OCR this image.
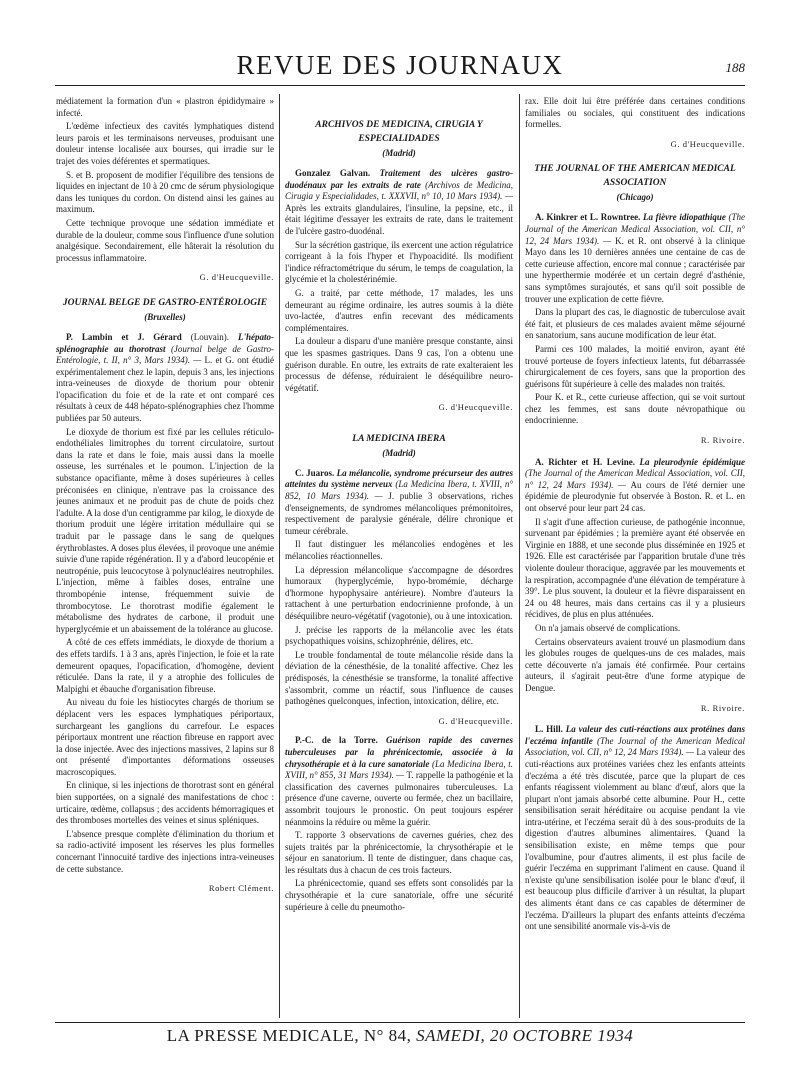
REVUE DES JOURNAUX	188

médiatement la formation d'un « plastron épididymaire » infecté.

L'œdème infectieux des cavités lymphatiques distend leurs parois et les terminaisons nerveuses, produisant une douleur intense localisée aux bourses, qui irradie sur le trajet des voies déférentes et spermatiques.

S. et B. proposent de modifier l'équilibre des tensions de liquides en injectant de 10 à 20 cmc de sérum physiologique dans les tuniques du cordon. On distend ainsi les gaines au maximum.

Cette technique provoque une sédation immédiate et durable de la douleur, comme sous l'influence d'une solution analgésique. Secondairement, elle hâterait la résolution du processus inflammatoire.

G. d'Heucqueville.
JOURNAL BELGE DE GASTRO-ENTÉROLOGIE
(Bruxelles)

P. Lambin et J. Gérard (Louvain). L'hépato-splénographie au thorotrast (Journal belge de Gastro-Entérologie, t. II, n° 3, Mars 1934). — L. et G. ont étudié expérimentalement chez le lapin, depuis 3 ans, les injections intra-veineuses de dioxyde de thorium pour obtenir l'opacification du foie et de la rate et ont comparé ces résultats à ceux de 448 hépato-splénographies chez l'homme publiées par 50 auteurs.

Le dioxyde de thorium est fixé par les cellules réticulo-endothéliales limitrophes du torrent circulatoire, surtout dans la rate et dans le foie, mais aussi dans la moelle osseuse, les surrénales et le poumon. L'injection de la substance opacifiante, même à doses supérieures à celles préconisées en clinique, n'entrave pas la croissance des jeunes animaux et ne produit pas de chute de poids chez l'adulte. A la dose d'un centigramme par kilog, le dioxyde de thorium produit une légère irritation médullaire qui se traduit par le passage dans le sang de quelques érythroblastes. A doses plus élevées, il provoque une anémie suivie d'une rapide régénération. Il y a d'abord leucopénie et neutropénie, puis leucocytose à polynucléaires neutrophiles. L'injection, même à faibles doses, entraîne une thrombopénie intense, fréquemment suivie de thrombocytose. Le thorotrast modifie également le métabolisme des hydrates de carbone, il produit une hyperglycémie et un abaissement de la tolérance au glucose.

A côté de ces effets immédiats, le dioxyde de thorium a des effets tardifs. 1 à 3 ans, après l'injection, le foie et la rate demeurent opaques, l'opacification, d'homogène, devient réticulée. Dans la rate, il y a atrophie des follicules de Malpighi et ébauche d'organisation fibreuse.

Au niveau du foie les histiocytes chargés de thorium se déplacent vers les espaces lymphatiques périportaux, surchargeant les ganglions du carrefour. Le espaces périportaux montrent une réaction fibreuse en rapport avec la dose injectée. Avec des injections massives, 2 lapins sur 8 ont présenté d'importantes déformations osseuses macroscopiques.

En clinique, si les injections de thorotrast sont en général bien supportées, on a signalé des manifestations de choc : urticaire, œdème, collapsus ; des accidents hémorragiques et des thromboses mortelles des veines et sinus spléniques.

L'absence presque complète d'élimination du thorium et sa radio-activité imposent les réserves les plus formelles concernant l'innocuité tardive des injections intra-veineuses de cette substance.

Robert Clément.
ARCHIVOS DE MEDICINA, CIRUGIA Y ESPECIALIDADES
(Madrid)

Gonzalez Galvan. Traitement des ulcères gastro-duodénaux par les extraits de rate (Archivos de Medicina, Cirugia y Especialidades, t. XXXVII, n° 10, 10 Mars 1934). — Après les extraits glandulaires, l'insuline, la pepsine, etc., il était légitime d'essayer les extraits de rate, dans le traitement de l'ulcère gastro-duodénal.

Sur la sécrétion gastrique, ils exercent une action régulatrice corrigeant à la fois l'hyper et l'hypoacidité. Ils modifient l'indice réfractométrique du sérum, le temps de coagulation, la glycémie et la cholestérinémie.

G. a traité, par cette méthode, 17 malades, les uns demeurant au régime ordinaire, les autres soumis à la diète uvo-lactée, d'autres enfin recevant des médicaments complémentaires.

La douleur a disparu d'une manière presque constante, ainsi que les spasmes gastriques. Dans 9 cas, l'on a obtenu une guérison durable. En outre, les extraits de rate exalteraient les processus de défense, réduiraient le déséquilibre neuro-végétatif.

G. d'Heucqueville.
LA MEDICINA IBERA
(Madrid)

C. Juaros. La mélancolie, syndrome précurseur des autres atteintes du système nerveux (La Medicina Ibera, t. XVIII, n° 852, 10 Mars 1934). — J. publie 3 observations, riches d'enseignements, de syndromes mélancoliques prémonitoires, respectivement de paralysie générale, délire chronique et tumeur cérébrale.

Il faut distinguer les mélancolies endogènes et les mélancolies réactionnelles.

La dépression mélancolique s'accompagne de désordres humoraux (hyperglycémie, hypo-bromémie, décharge d'hormone hypophysaire antérieure). Nombre d'auteurs la rattachent à une perturbation endocrinienne profonde, à un déséquilibre neuro-végétatif (vagotonie), ou à une intoxication.

J. précise les rapports de la mélancolie avec les états psychopathiques voisins, schizophrénie, délires, etc.

Le trouble fondamental de toute mélancolie réside dans la déviation de la cénesthésie, de la tonalité affective. Chez les prédisposés, la cénesthésie se transforme, la tonalité affective s'assombrit, comme un réactif, sous l'influence de causes pathogènes quelconques, infection, intoxication, délire, etc.

G. d'Heucqueville.

P.-C. de la Torre. Guérison rapide des cavernes tuberculeuses par la phrénicectomie, associée à la chrysothérapie et à la cure sanatoriale (La Medicina Ibera, t. XVIII, n° 855, 31 Mars 1934). — T. rappelle la pathogénie et la classification des cavernes pulmonaires tuberculeuses. La présence d'une caverne, ouverte ou fermée, chez un bacillaire, assombrit toujours le pronostic. On peut toujours espérer néanmoins la réduire ou même la guérir.

T. rapporte 3 observations de cavernes guéries, chez des sujets traités par la phrénicectomie, la chrysothérapie et le séjour en sanatorium. Il tente de distinguer, dans chaque cas, les résultats dus à chacun de ces trois facteurs.

La phrénicectomie, quand ses effets sont consolidés par la chrysothérapie et la cure sanatoriale, offre une sécurité supérieure à celle du pneumotho-

rax. Elle doit lui être préférée dans certaines conditions familiales ou sociales, qui constituent des indications formelles.

G. d'Heucqueville.
THE JOURNAL OF THE AMERICAN MEDICAL ASSOCIATION
(Chicago)

A. Kinkrer et L. Rowntree. La fièvre idiopathique (The Journal of the American Medical Association, vol. CII, n° 12, 24 Mars 1934). — K. et R. ont observé à la clinique Mayo dans les 10 dernières années une centaine de cas de cette curieuse affection, encore mal connue ; caractérisée par une hyperthermie modérée et un certain degré d'asthénie, sans symptômes surajoutés, et sans qu'il soit possible de trouver une explication de cette fièvre.

Dans la plupart des cas, le diagnostic de tuberculose avait été fait, et plusieurs de ces malades avaient même séjourné en sanatorium, sans aucune modification de leur état.

Parmi ces 100 malades, la moitié environ, ayant été trouvé porteuse de foyers infectieux latents, fut débarrassée chirurgicalement de ces foyers, sans que la proportion des guérisons fût supérieure à celle des malades non traités.

Pour K. et R., cette curieuse affection, qui se voit surtout chez les femmes, est sans doute névropathique ou endocrinienne.

R. Rivoire.

A. Richter et H. Levine. La pleurodynie épidémique (The Journal of the American Medical Association, vol. CII, n° 12, 24 Mars 1934). — Au cours de l'été dernier une épidémie de pleurodynie fut observée à Boston. R. et L. en ont observé pour leur part 24 cas.

Il s'agit d'une affection curieuse, de pathogénie inconnue, survenant par épidémies ; la première ayant été observée en Virginie en 1888, et une seconde plus disséminée en 1925 et 1926. Elle est caractérisée par l'apparition brutale d'une très violente douleur thoracique, aggravée par les mouvements et la respiration, accompagnée d'une élévation de température à 39°. Le plus souvent, la douleur et la fièvre disparaissent en 24 ou 48 heures, mais dans certains cas il y a plusieurs récidives, de plus en plus atténuées.

On n'a jamais observé de complications.

Certains observateurs avaient trouvé un plasmodium dans les globules rouges de quelques-uns de ces malades, mais cette découverte n'a jamais été confirmée. Pour certains auteurs, il s'agirait peut-être d'une forme atypique de Dengue.

R. Rivoire.

L. Hill. La valeur des cuti-réactions aux protéines dans l'eczéma infantile (The Journal of the American Medical Association, vol. CII, n° 12, 24 Mars 1934). — La valeur des cuti-réactions aux protéines variées chez les enfants atteints d'eczéma a été très discutée, parce que la plupart de ces enfants réagissent violemment au blanc d'œuf, alors que la plupart n'ont jamais absorbé cette albumine. Pour H., cette sensibilisation serait héréditaire ou acquise pendant la vie intra-utérine, et l'eczéma serait dû à des sous-produits de la digestion d'autres albumines alimentaires. Quand la sensibilisation existe, en même temps que pour l'ovalbumine, pour d'autres aliments, il est plus facile de guérir l'eczéma en supprimant l'aliment en cause. Quand il n'existe qu'une sensibilisation isolée pour le blanc d'œuf, il est beaucoup plus difficile d'arriver à un résultat, la plupart des aliments étant dans ce cas capables de déterminer de l'eczéma. D'ailleurs la plupart des enfants atteints d'eczéma ont une sensibilité anormale vis-à-vis de

LA PRESSE MEDICALE, N° 84, SAMEDI, 20 OCTOBRE 1934
